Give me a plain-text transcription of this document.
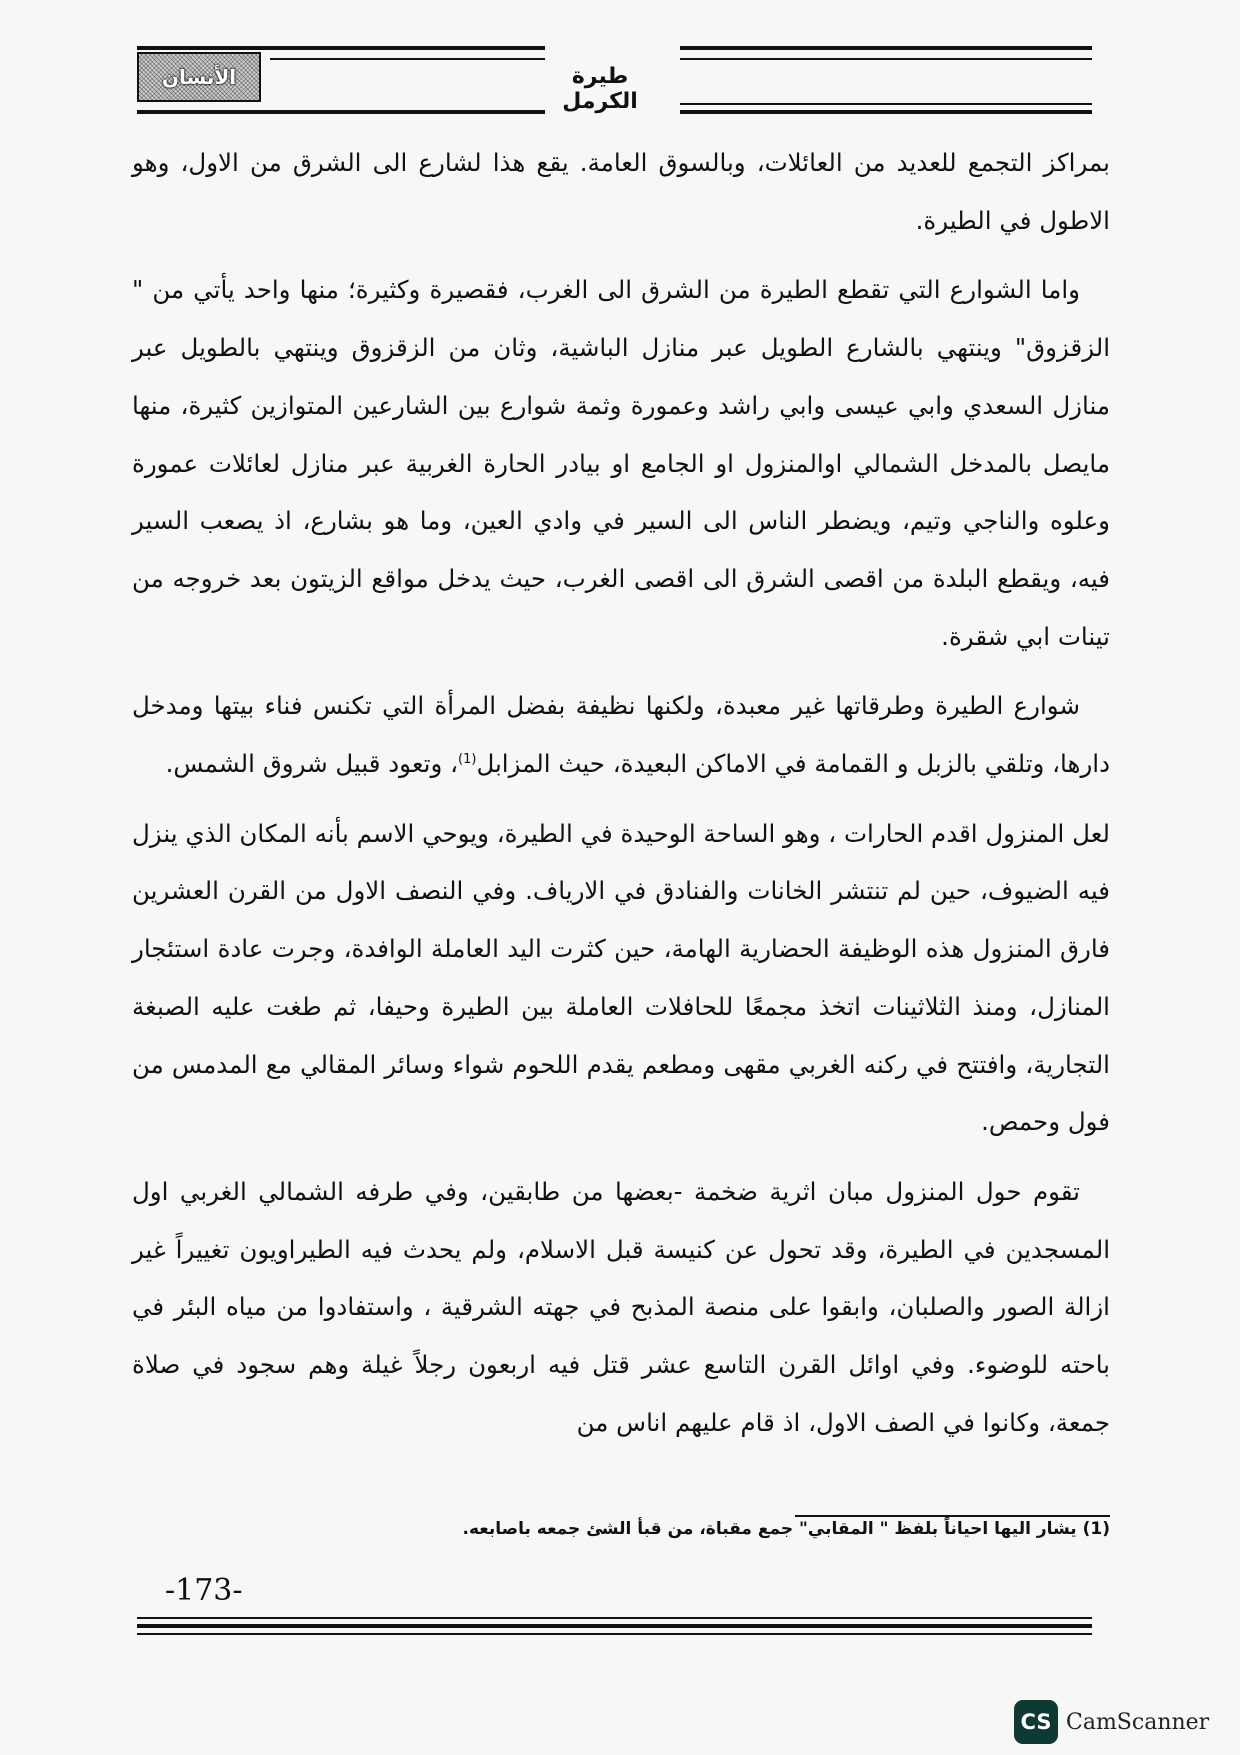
الأنسان	طيرة الكرمل

بمراكز التجمع للعديد من العائلات، وبالسوق العامة. يقع هذا لشارع الى الشرق من الاول، وهو الاطول في الطيرة.

واما الشوارع التي تقطع الطيرة من الشرق الى الغرب، فقصيرة وكثيرة؛ منها واحد يأتي من " الزقزوق" وينتهي بالشارع الطويل عبر منازل الباشية، وثان من الزقزوق وينتهي بالطويل عبر منازل السعدي وابي عيسى وابي راشد وعمورة وثمة شوارع بين الشارعين المتوازين كثيرة، منها مايصل بالمدخل الشمالي اوالمنزول او الجامع او بيادر الحارة الغربية عبر منازل لعائلات عمورة وعلوه والناجي وتيم، ويضطر الناس الى السير في وادي العين، وما هو بشارع، اذ يصعب السير فيه، ويقطع البلدة من اقصى الشرق الى اقصى الغرب، حيث يدخل مواقع الزيتون بعد خروجه من تينات ابي شقرة.

شوارع الطيرة وطرقاتها غير معبدة، ولكنها نظيفة بفضل المرأة التي تكنس فناء بيتها ومدخل دارها، وتلقي بالزبل و القمامة في الاماكن البعيدة، حيث المزابل$^{(1)}$، وتعود قبيل شروق الشمس.

لعل المنزول اقدم الحارات ، وهو الساحة الوحيدة في الطيرة، ويوحي الاسم بأنه المكان الذي ينزل فيه الضيوف، حين لم تنتشر الخانات والفنادق في الارياف. وفي النصف الاول من القرن العشرين فارق المنزول هذه الوظيفة الحضارية الهامة، حين كثرت اليد العاملة الوافدة، وجرت عادة استئجار المنازل، ومنذ الثلاثينات اتخذ مجمعًا للحافلات العاملة بين الطيرة وحيفا، ثم طغت عليه الصبغة التجارية، وافتتح في ركنه الغربي مقهى ومطعم يقدم اللحوم شواء وسائر المقالي مع المدمس من فول وحمص.

تقوم حول المنزول مبان اثرية ضخمة -بعضها من طابقين، وفي طرفه الشمالي الغربي اول المسجدين في الطيرة، وقد تحول عن كنيسة قبل الاسلام، ولم يحدث فيه الطيراويون تغييراً غير ازالة الصور والصلبان، وابقوا على منصة المذبح في جهته الشرقية ، واستفادوا من مياه البئر في باحته للوضوء. وفي اوائل القرن التاسع عشر قتل فيه اربعون رجلاً غيلة وهم سجود في صلاة جمعة، وكانوا في الصف الاول، اذ قام عليهم اناس من

(1) يشار اليها احياناً بلفظ " المقابي" جمع مقباة، من قبأ الشئ جمعه باصابعه.
-173-
CS CamScanner
